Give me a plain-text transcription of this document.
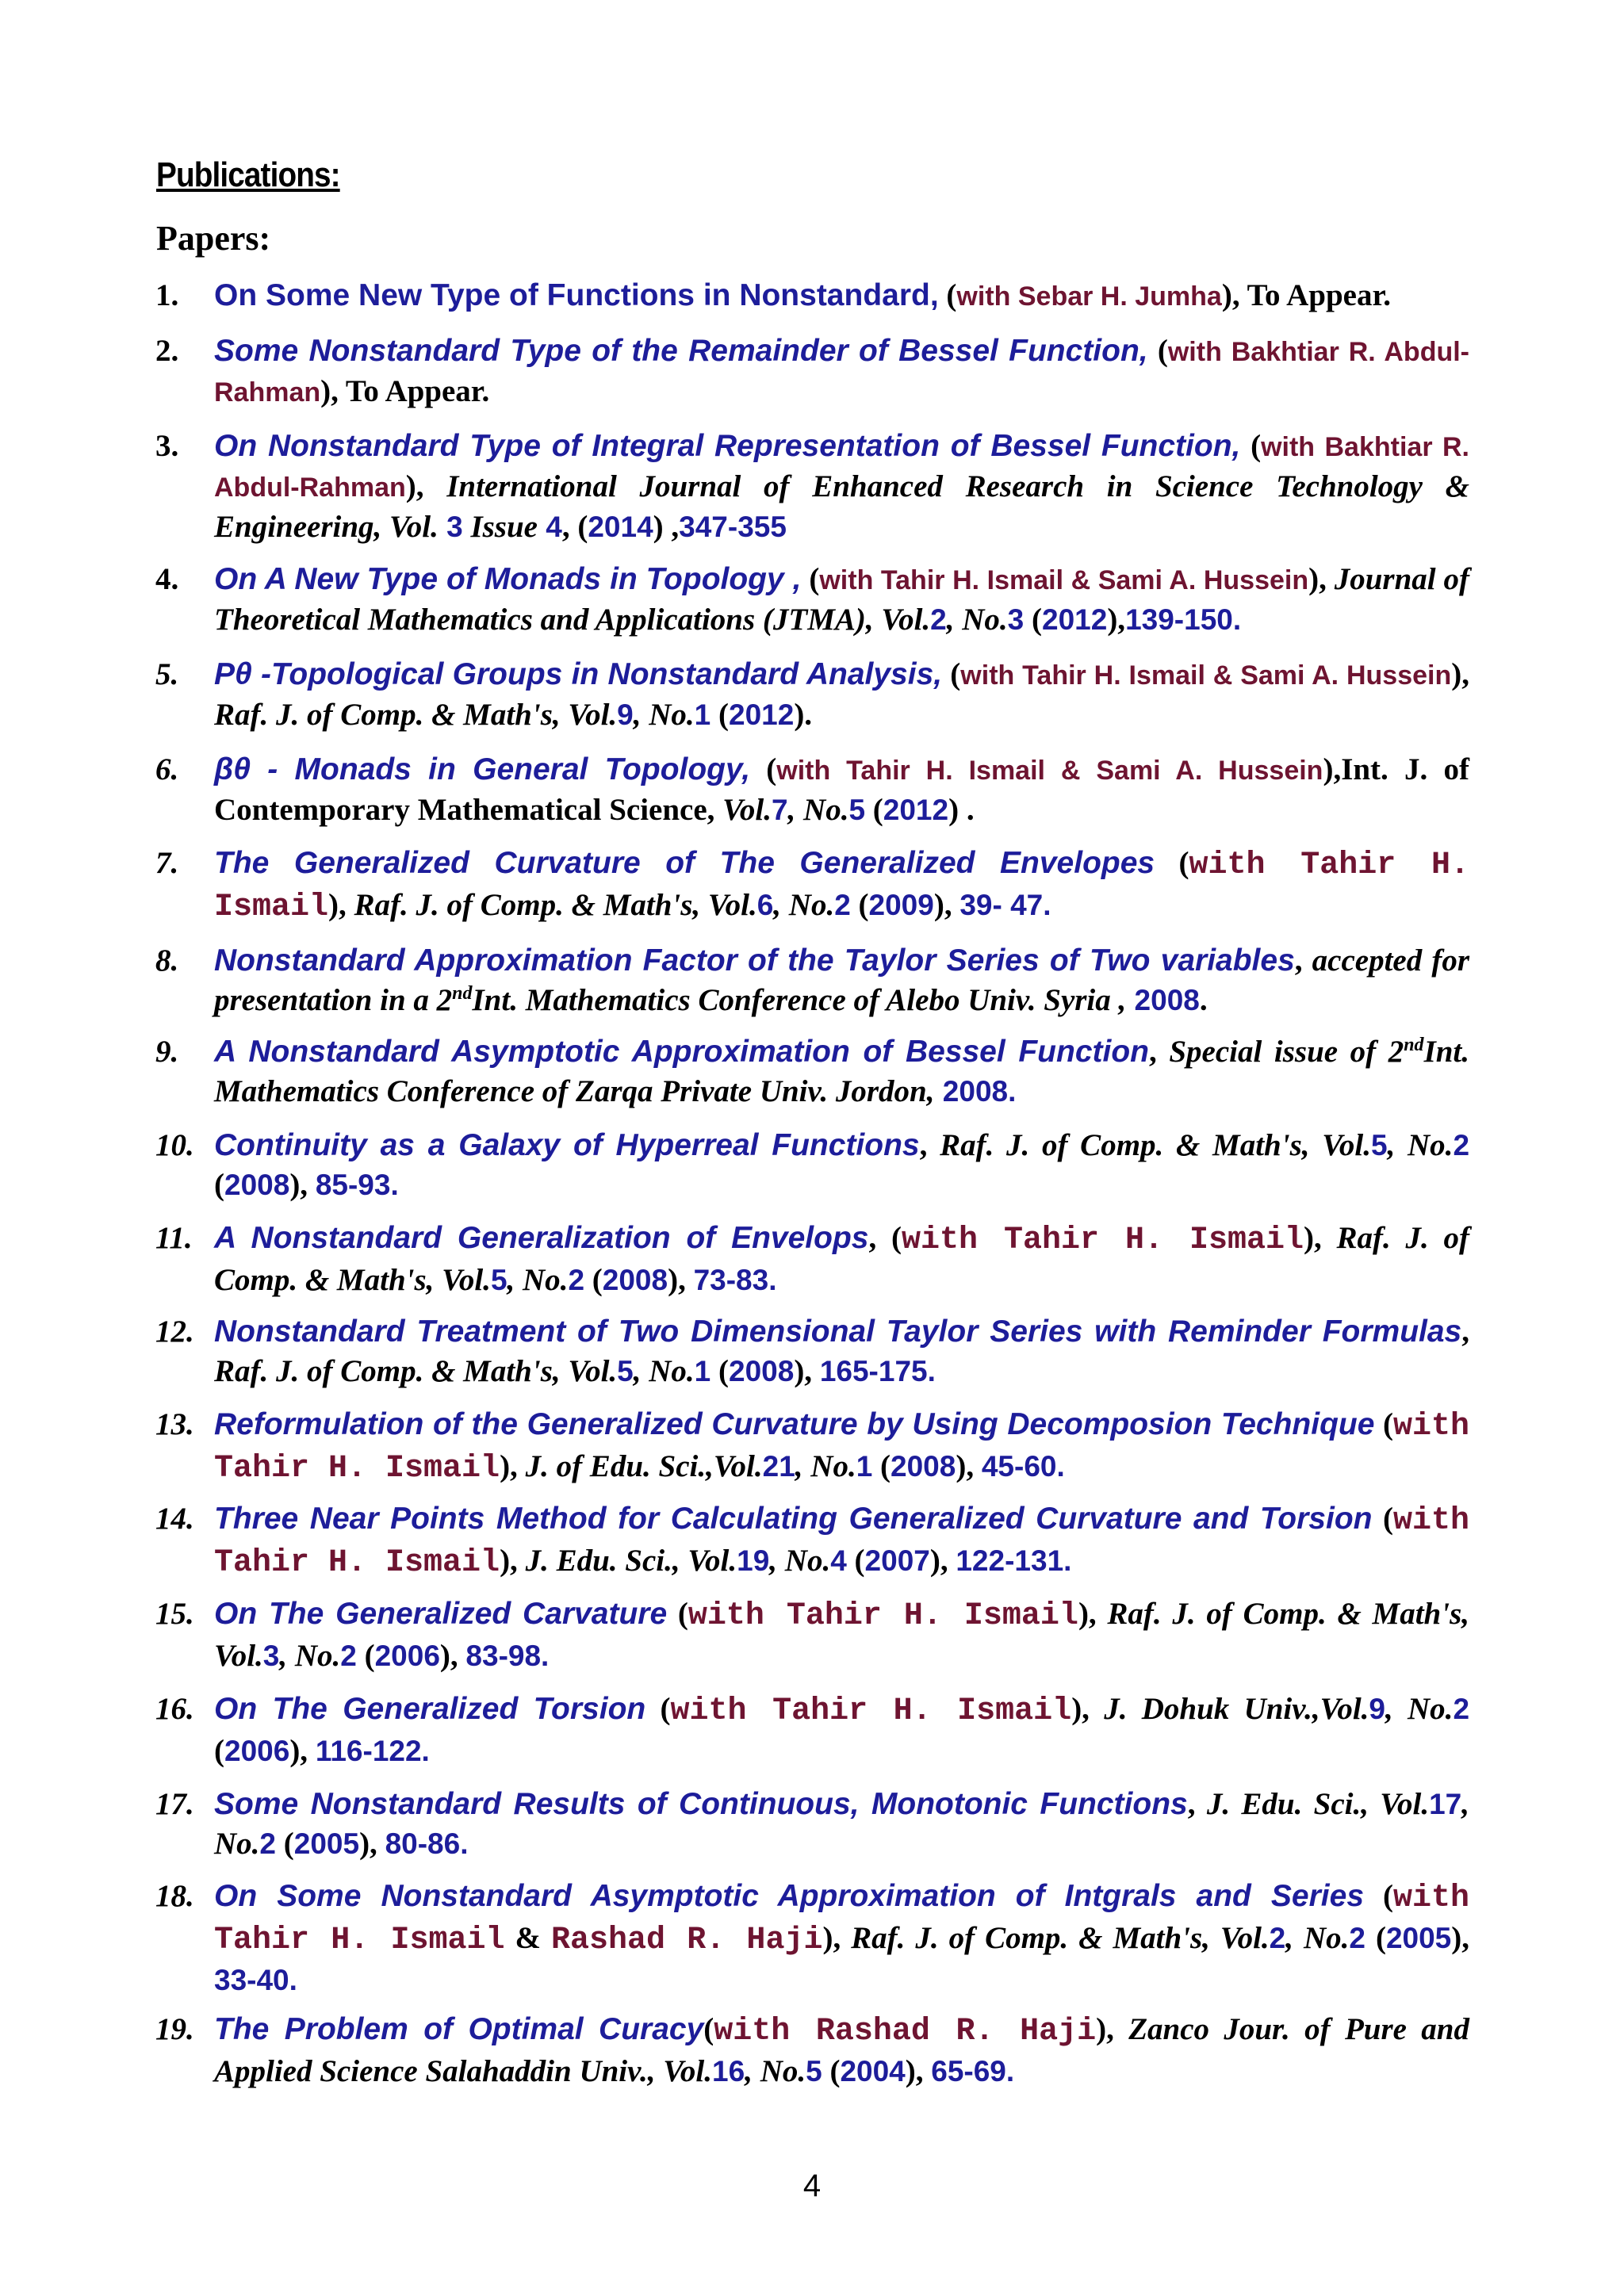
Publications:
Papers:
1. On Some New Type of Functions in Nonstandard, (with Sebar H. Jumha), To Appear.
2. Some Nonstandard Type of the Remainder of Bessel Function, (with Bakhtiar R. Abdul-Rahman), To Appear.
3. On Nonstandard Type of Integral Representation of Bessel Function, (with Bakhtiar R. Abdul-Rahman), International Journal of Enhanced Research in Science Technology & Engineering, Vol. 3 Issue 4, (2014) ,347-355
4. On A New Type of Monads in Topology , (with Tahir H. Ismail & Sami A. Hussein), Journal of Theoretical Mathematics and Applications (JTMA), Vol.2, No.3 (2012),139-150.
5. Pθ -Topological Groups in Nonstandard Analysis, (with Tahir H. Ismail & Sami A. Hussein), Raf. J. of Comp. & Math's, Vol.9, No.1 (2012).
6. βθ - Monads in General Topology, (with Tahir H. Ismail & Sami A. Hussein),Int. J. of Contemporary Mathematical Science, Vol.7, No.5 (2012) .
7. The Generalized Curvature of The Generalized Envelopes (with Tahir H. Ismail), Raf. J. of Comp. & Math's, Vol.6, No.2 (2009), 39- 47.
8. Nonstandard Approximation Factor of the Taylor Series of Two variables, accepted for presentation in a 2ndInt. Mathematics Conference of Alebo Univ. Syria , 2008.
9. A Nonstandard Asymptotic Approximation of Bessel Function, Special issue of 2ndInt. Mathematics Conference of Zarqa Private Univ. Jordon, 2008.
10. Continuity as a Galaxy of Hyperreal Functions, Raf. J. of Comp. & Math's, Vol.5, No.2 (2008), 85-93.
11. A Nonstandard Generalization of Envelops, (with Tahir H. Ismail), Raf. J. of Comp. & Math's, Vol.5, No.2 (2008), 73-83.
12. Nonstandard Treatment of Two Dimensional Taylor Series with Reminder Formulas, Raf. J. of Comp. & Math's, Vol.5, No.1 (2008), 165-175.
13. Reformulation of the Generalized Curvature by Using Decomposion Technique (with Tahir H. Ismail), J. of Edu. Sci.,Vol.21, No.1 (2008), 45-60.
14. Three Near Points Method for Calculating Generalized Curvature and Torsion (with Tahir H. Ismail), J. Edu. Sci., Vol.19, No.4 (2007), 122-131.
15. On The Generalized Carvature (with Tahir H. Ismail), Raf. J. of Comp. & Math's, Vol.3, No.2 (2006), 83-98.
16. On The Generalized Torsion (with Tahir H. Ismail), J. Dohuk Univ.,Vol.9, No.2 (2006), 116-122.
17. Some Nonstandard Results of Continuous, Monotonic Functions, J. Edu. Sci., Vol.17, No.2 (2005), 80-86.
18. On Some Nonstandard Asymptotic Approximation of Intgrals and Series (with Tahir H. Ismail & Rashad R. Haji), Raf. J. of Comp. & Math's, Vol.2, No.2 (2005), 33-40.
19. The Problem of Optimal Curacy(with Rashad R. Haji), Zanco Jour. of Pure and Applied Science Salahaddin Univ., Vol.16, No.5 (2004), 65-69.
4
